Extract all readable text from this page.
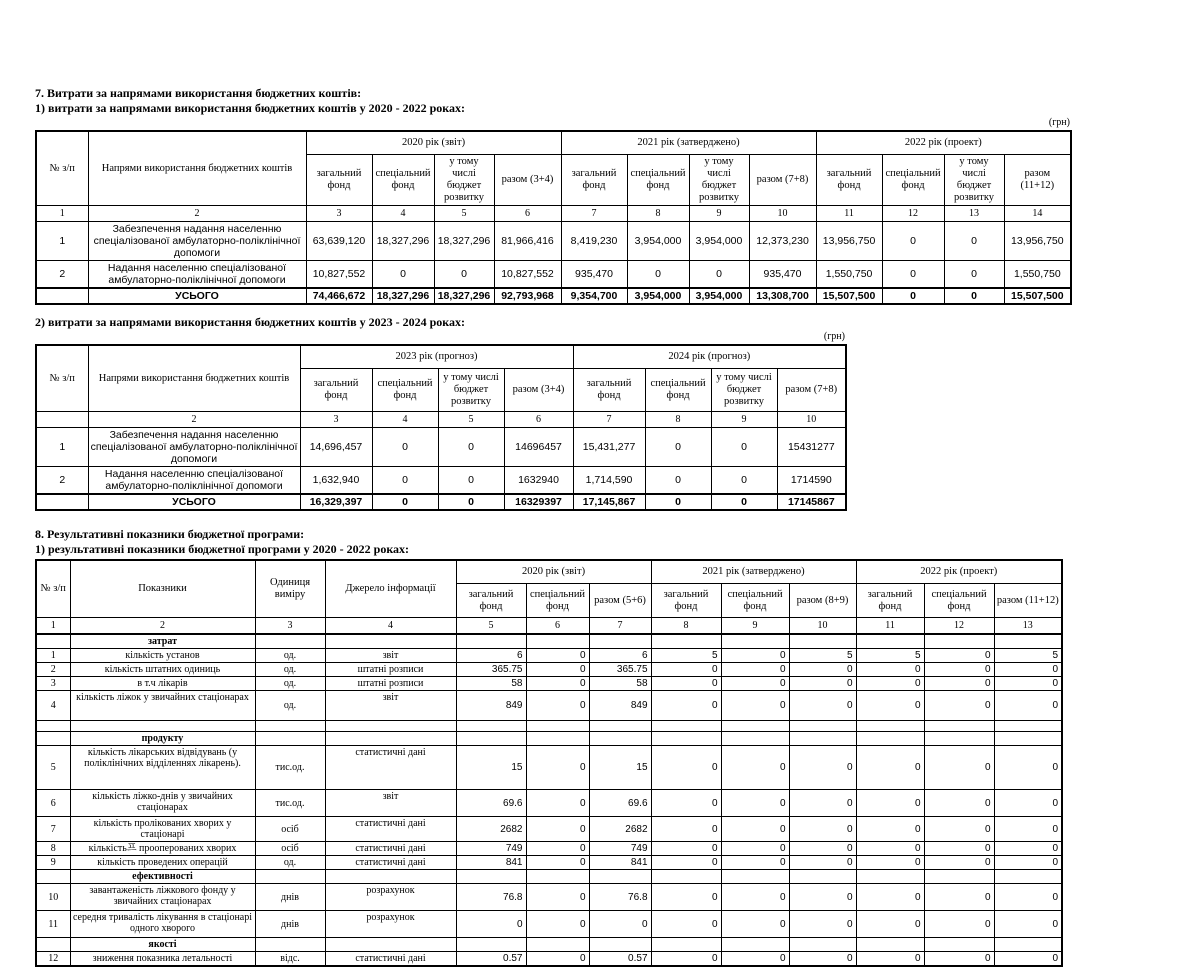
7. Витрати за напрямами використання бюджетних коштів:
1) витрати за напрямами використання бюджетних коштів у 2020 - 2022 роках:
(грн)
№ з/п	Напрями використання бюджетних коштів	2020 рік (звіт)				2021 рік (затверджено)				2022 рік (проект)			
		загальний фонд	спеціальний фонд	у тому числі бюджет розвитку	разом (3+4)	загальний фонд	спеціальний фонд	у тому числі бюджет розвитку	разом (7+8)	загальний фонд	спеціальний фонд	у тому числі бюджет розвитку	разом (11+12)
1	2	3	4	5	6	7	8	9	10	11	12	13	14
1	Забезпечення надання населенню спеціалізованої амбулаторно-поліклінічної допомоги	63,639,120	18,327,296	18,327,296	81,966,416	8,419,230	3,954,000	3,954,000	12,373,230	13,956,750	0	0	13,956,750
2	Надання населенню спеціалізованої амбулаторно-поліклінічної допомоги	10,827,552	0	0	10,827,552	935,470	0	0	935,470	1,550,750	0	0	1,550,750
	УСЬОГО	74,466,672	18,327,296	18,327,296	92,793,968	9,354,700	3,954,000	3,954,000	13,308,700	15,507,500	0	0	15,507,500
2) витрати за напрямами використання бюджетних коштів у 2023 - 2024 роках:
(грн)
№ з/п	Напрями використання бюджетних коштів	2023 рік (прогноз)				2024 рік (прогноз)			
		загальний фонд	спеціальний фонд	у тому числі бюджет розвитку	разом (3+4)	загальний фонд	спеціальний фонд	у тому числі бюджет розвитку	разом (7+8)
	2	3	4	5	6	7	8	9	10
1	Забезпечення надання населенню спеціалізованої амбулаторно-поліклінічної допомоги	14,696,457	0	0	14696457	15,431,277	0	0	15431277
2	Надання населенню спеціалізованої амбулаторно-поліклінічної допомоги	1,632,940	0	0	1632940	1,714,590	0	0	1714590
	УСЬОГО	16,329,397	0	0	16329397	17,145,867	0	0	17145867
8. Результативні показники бюджетної програми:
1) результативні показники бюджетної програми у 2020 - 2022 роках:
№ з/п	Показники	Одиниця виміру	Джерело інформації	2020 рік (звіт)			2021 рік (затверджено)			2022 рік (проект)		
				загальний фонд	спеціальний фонд	разом (5+6)	загальний фонд	спеціальний фонд	разом (8+9)	загальний фонд	спеціальний фонд	разом (11+12)
1	2	3	4	5	6	7	8	9	10	11	12	13
	затрат											
1	кількість установ	од.	звіт	6	0	6	5	0	5	5	0	5
2	кількість штатних одиниць	од.	штатні розписи	365.75	0	365.75	0	0	0	0	0	0
3	в т.ч лікарів	од.	штатні розписи	58	0	58	0	0	0	0	0	0
4	кількість ліжок у звичайних стаціонарах	од.	звіт	849	0	849	0	0	0	0	0	0

	продукту											
5	кількість лікарських відвідувань (у поліклінічних відділеннях лікарень).	тис.од.	статистичні дані	15	0	15	0	0	0	0	0	0
6	кількість ліжко-днів у звичайних стаціонарах	тис.од.	звіт	69.6	0	69.6	0	0	0	0	0	0
7	кількість пролікованих хворих у стаціонарі	осіб	статистичні дані	2682	0	2682	0	0	0	0	0	0
8	кількість프 прооперованих хворих	осіб	статистичні дані	749	0	749	0	0	0	0	0	0
9	кількість проведених операцій	од.	статистичні дані	841	0	841	0	0	0	0	0	0
	ефективності											
10	завантаженість ліжкового фонду у звичайних стаціонарах	днів	розрахунок	76.8	0	76.8	0	0	0	0	0	0
11	середня тривалість лікування в стаціонарі одного хворого	днів	розрахунок	0	0	0	0	0	0	0	0	0
	якості											
12	зниження показника летальності	відс.	статистичні дані	0.57	0	0.57	0	0	0	0	0	0
